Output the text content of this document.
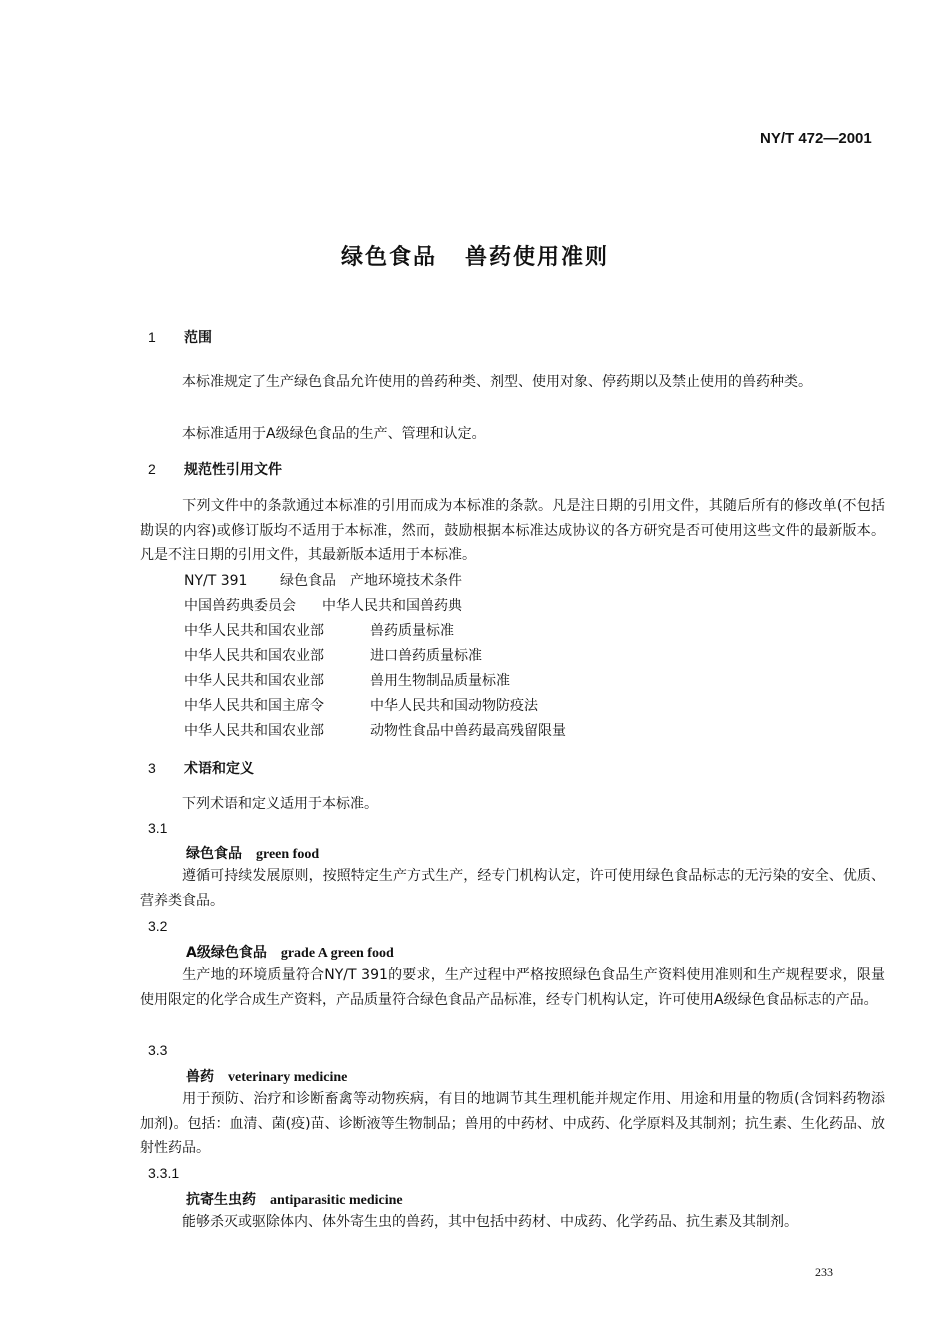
NY/T 472—2001
绿色食品 兽药使用准则
1 范围
本标准规定了生产绿色食品允许使用的兽药种类、剂型、使用对象、停药期以及禁止使用的兽药种类。
本标准适用于A级绿色食品的生产、管理和认定。
2 规范性引用文件
下列文件中的条款通过本标准的引用而成为本标准的条款。凡是注日期的引用文件，其随后所有的修改单(不包括勘误的内容)或修订版均不适用于本标准，然而，鼓励根据本标准达成协议的各方研究是否可使用这些文件的最新版本。凡是不注日期的引用文件，其最新版本适用于本标准。
NY/T 391 绿色食品　产地环境技术条件
中国兽药典委员会 中华人民共和国兽药典
中华人民共和国农业部	兽药质量标准
中华人民共和国农业部	进口兽药质量标准
中华人民共和国农业部	兽用生物制品质量标准
中华人民共和国主席令	中华人民共和国动物防疫法
中华人民共和国农业部	动物性食品中兽药最高残留限量
3 术语和定义
下列术语和定义适用于本标准。
3.1
绿色食品 green food
遵循可持续发展原则，按照特定生产方式生产，经专门机构认定，许可使用绿色食品标志的无污染的安全、优质、营养类食品。
3.2
A级绿色食品 grade A green food
生产地的环境质量符合NY/T 391的要求，生产过程中严格按照绿色食品生产资料使用准则和生产规程要求，限量使用限定的化学合成生产资料，产品质量符合绿色食品产品标准，经专门机构认定，许可使用A级绿色食品标志的产品。
3.3
兽药 veterinary medicine
用于预防、治疗和诊断畜禽等动物疾病，有目的地调节其生理机能并规定作用、用途和用量的物质(含饲料药物添加剂)。包括：血清、菌(疫)苗、诊断液等生物制品；兽用的中药材、中成药、化学原料及其制剂；抗生素、生化药品、放射性药品。
3.3.1
抗寄生虫药 antiparasitic medicine
能够杀灭或驱除体内、体外寄生虫的兽药，其中包括中药材、中成药、化学药品、抗生素及其制剂。
233
